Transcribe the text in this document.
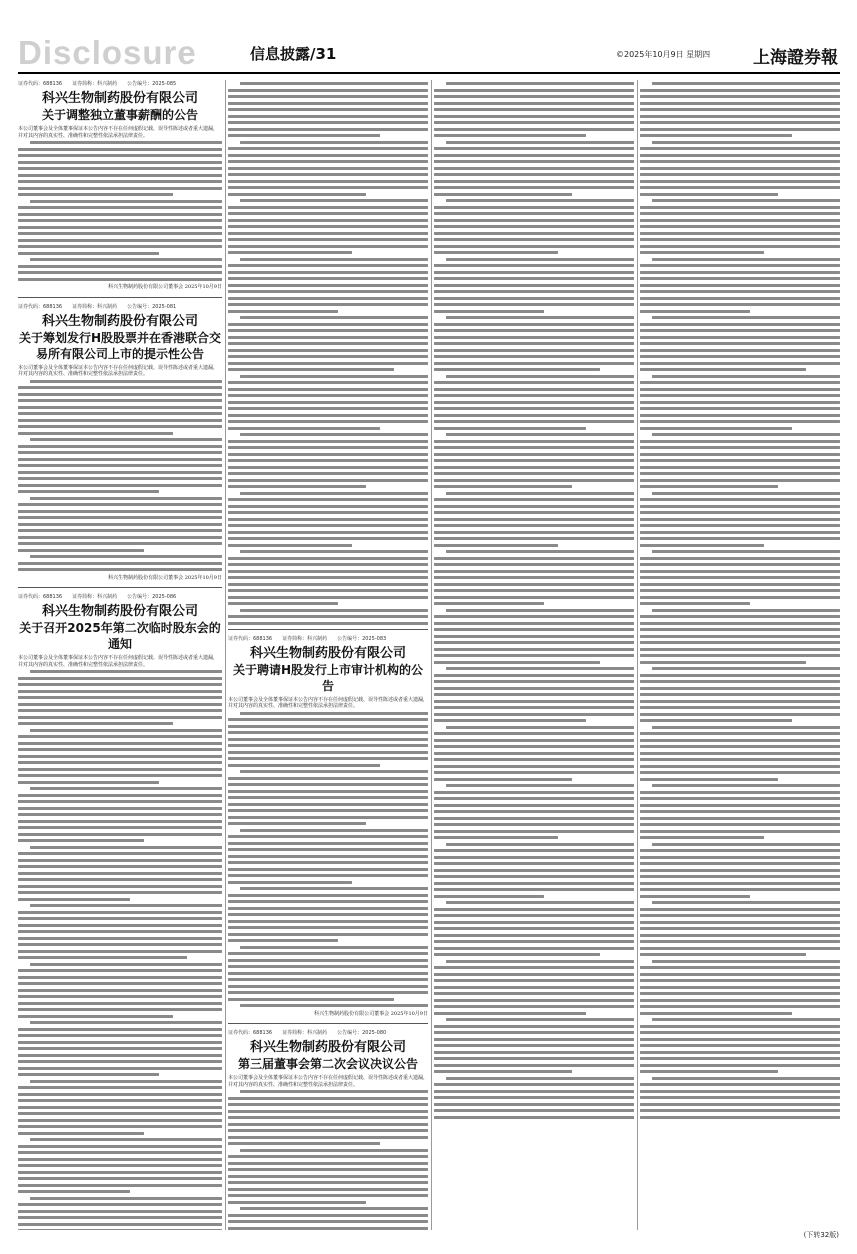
Disclosure	信息披露/31	©2025年10月9日 星期四	上海證券報
证券代码：688136 证券简称：科兴制药 公告编号：2025-085
科兴生物制药股份有限公司
关于调整独立董事薪酬的公告
本公司董事会及全体董事保证本公告内容不存在任何虚假记载、误导性陈述或者重大遗漏，并对其内容的真实性、准确性和完整性依法承担法律责任。
科兴生物制药股份有限公司董事会 2025年10月9日
证券代码：688136 证券简称：科兴制药 公告编号：2025-081
科兴生物制药股份有限公司
关于筹划发行H股股票并在香港联合交易所有限公司上市的提示性公告
本公司董事会及全体董事保证本公告内容不存在任何虚假记载、误导性陈述或者重大遗漏，并对其内容的真实性、准确性和完整性依法承担法律责任。
科兴生物制药股份有限公司董事会 2025年10月9日
证券代码：688136 证券简称：科兴制药 公告编号：2025-086
科兴生物制药股份有限公司
关于召开2025年第二次临时股东会的通知
本公司董事会及全体董事保证本公告内容不存在任何虚假记载、误导性陈述或者重大遗漏，并对其内容的真实性、准确性和完整性依法承担法律责任。
证券代码：688136 证券简称：科兴制药 公告编号：2025-083
科兴生物制药股份有限公司
关于聘请H股发行上市审计机构的公告
本公司董事会及全体董事保证本公告内容不存在任何虚假记载、误导性陈述或者重大遗漏，并对其内容的真实性、准确性和完整性依法承担法律责任。
科兴生物制药股份有限公司董事会 2025年10月9日
证券代码：688136 证券简称：科兴制药 公告编号：2025-080
科兴生物制药股份有限公司
第三届董事会第二次会议决议公告
本公司董事会及全体董事保证本公告内容不存在任何虚假记载、误导性陈述或者重大遗漏，并对其内容的真实性、准确性和完整性依法承担法律责任。
(下转32版)
